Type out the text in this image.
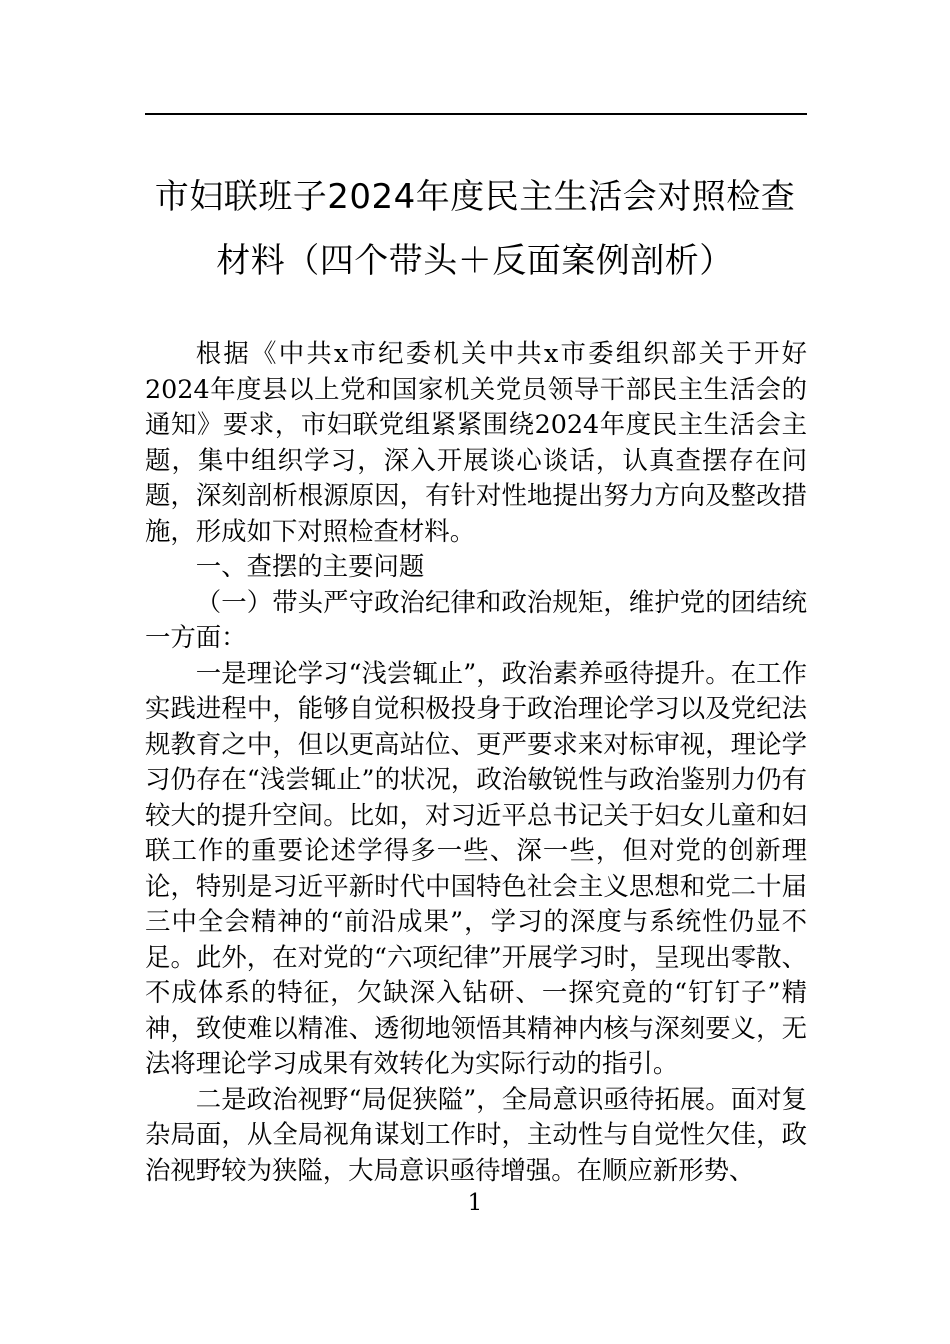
市妇联班子2024年度民主生活会对照检查
材料（四个带头＋反面案例剖析）

根据《中共x市纪委机关中共x市委组织部关于开好2024年度县以上党和国家机关党员领导干部民主生活会的通知》要求，市妇联党组紧紧围绕2024年度民主生活会主题，集中组织学习，深入开展谈心谈话，认真查摆存在问题，深刻剖析根源原因，有针对性地提出努力方向及整改措施，形成如下对照检查材料。

一、查摆的主要问题

（一）带头严守政治纪律和政治规矩，维护党的团结统一方面：

一是理论学习“浅尝辄止”，政治素养亟待提升。在工作实践进程中，能够自觉积极投身于政治理论学习以及党纪法规教育之中，但以更高站位、更严要求来对标审视，理论学习仍存在“浅尝辄止”的状况，政治敏锐性与政治鉴别力仍有较大的提升空间。比如，对习近平总书记关于妇女儿童和妇联工作的重要论述学得多一些、深一些，但对党的创新理论，特别是习近平新时代中国特色社会主义思想和党二十届三中全会精神的“前沿成果”，学习的深度与系统性仍显不足。此外，在对党的“六项纪律”开展学习时，呈现出零散、不成体系的特征，欠缺深入钻研、一探究竟的“钉钉子”精神，致使难以精准、透彻地领悟其精神内核与深刻要义，无法将理论学习成果有效转化为实际行动的指引。

二是政治视野“局促狭隘”，全局意识亟待拓展。面对复杂局面，从全局视角谋划工作时，主动性与自觉性欠佳，政治视野较为狭隘，大局意识亟待增强。在顺应新形势、

1
